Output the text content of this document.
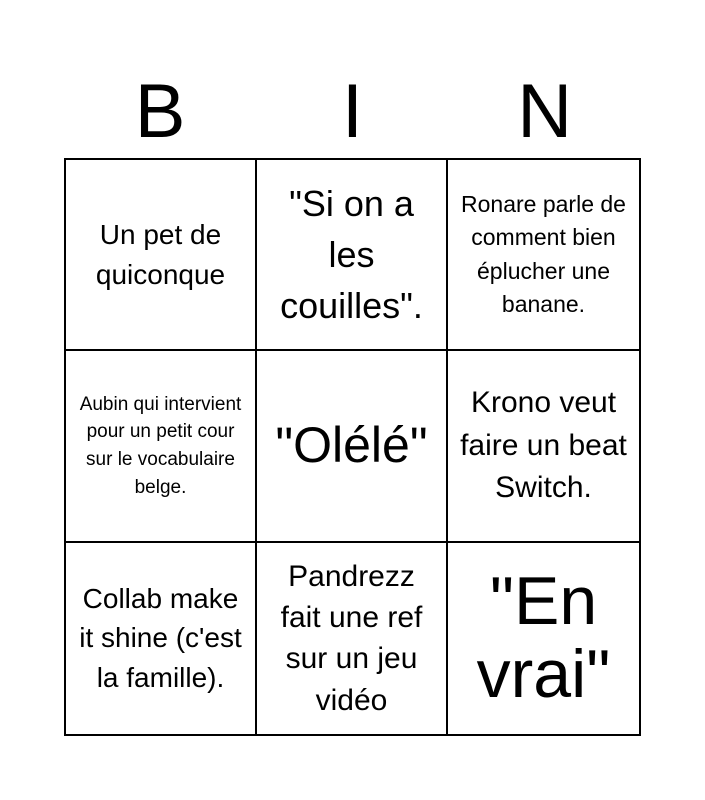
B	I	N
Un pet de quiconque
"Si on a les couilles".
Ronare parle de comment bien éplucher une banane.
Aubin qui intervient pour un petit cour sur le vocabulaire belge.
"Olélé"
Krono veut faire un beat Switch.
Collab make it shine (c'est la famille).
Pandrezz fait une ref sur un jeu vidéo
"En vrai"
